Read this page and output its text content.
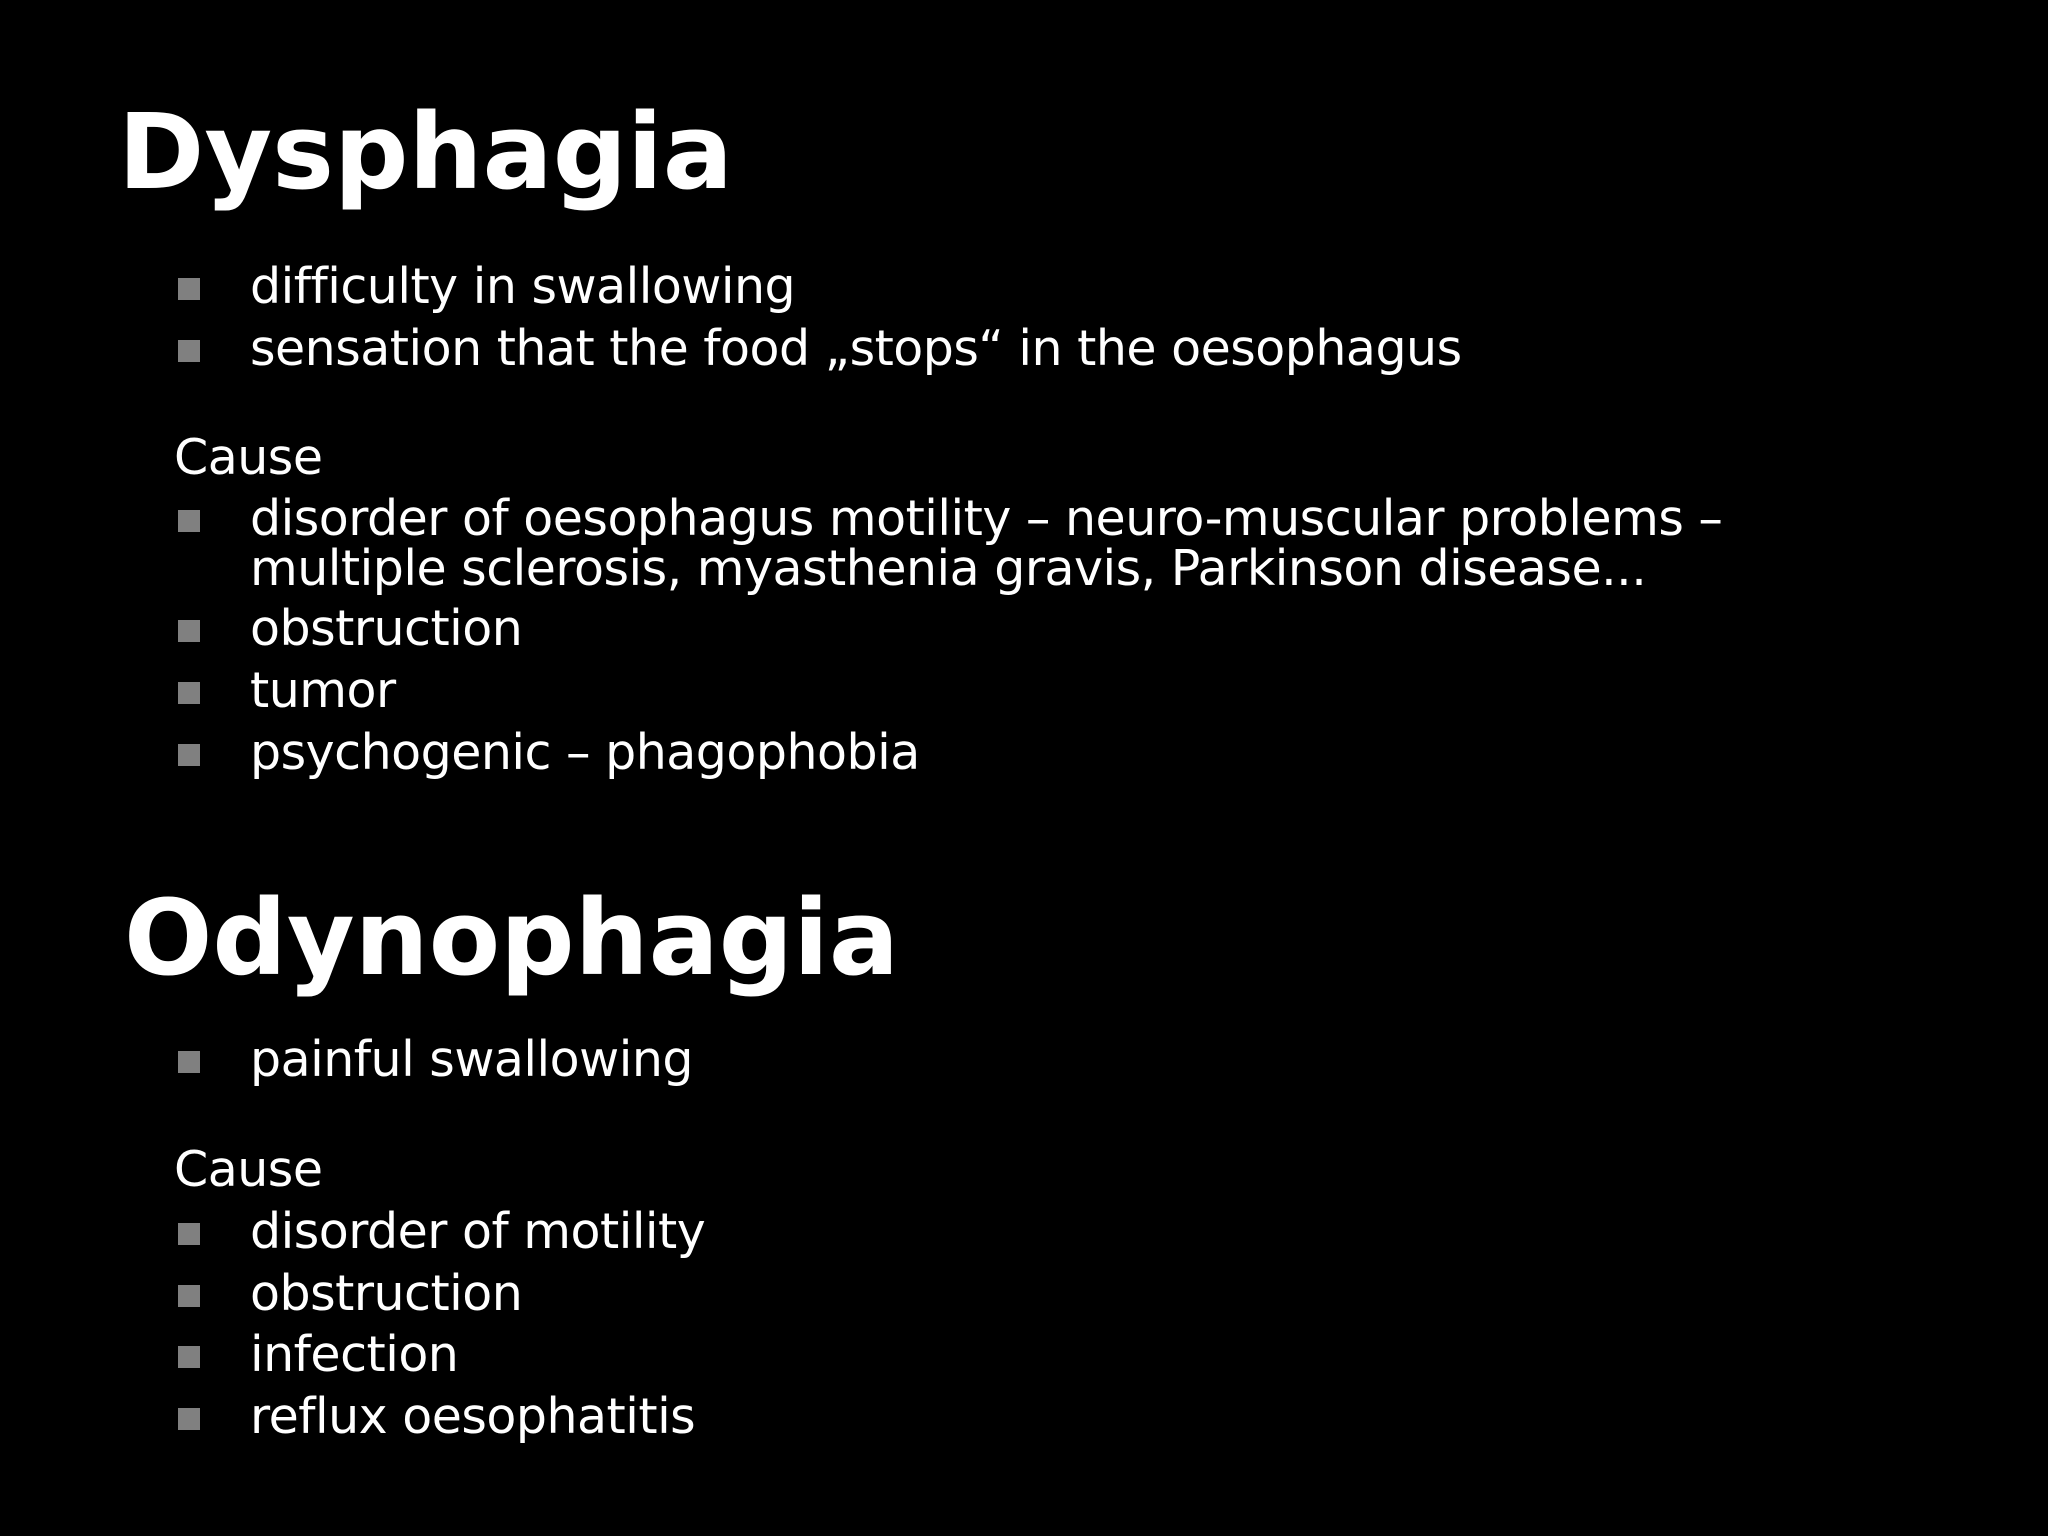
Dysphagia
difficulty in swallowing
sensation that the food „stops“ in the oesophagus
Cause
disorder of oesophagus motility – neuro-muscular problems –
multiple sclerosis, myasthenia gravis, Parkinson disease...
obstruction
tumor
psychogenic – phagophobia
Odynophagia
painful swallowing
Cause
disorder of motility
obstruction
infection
reflux oesophatitis
